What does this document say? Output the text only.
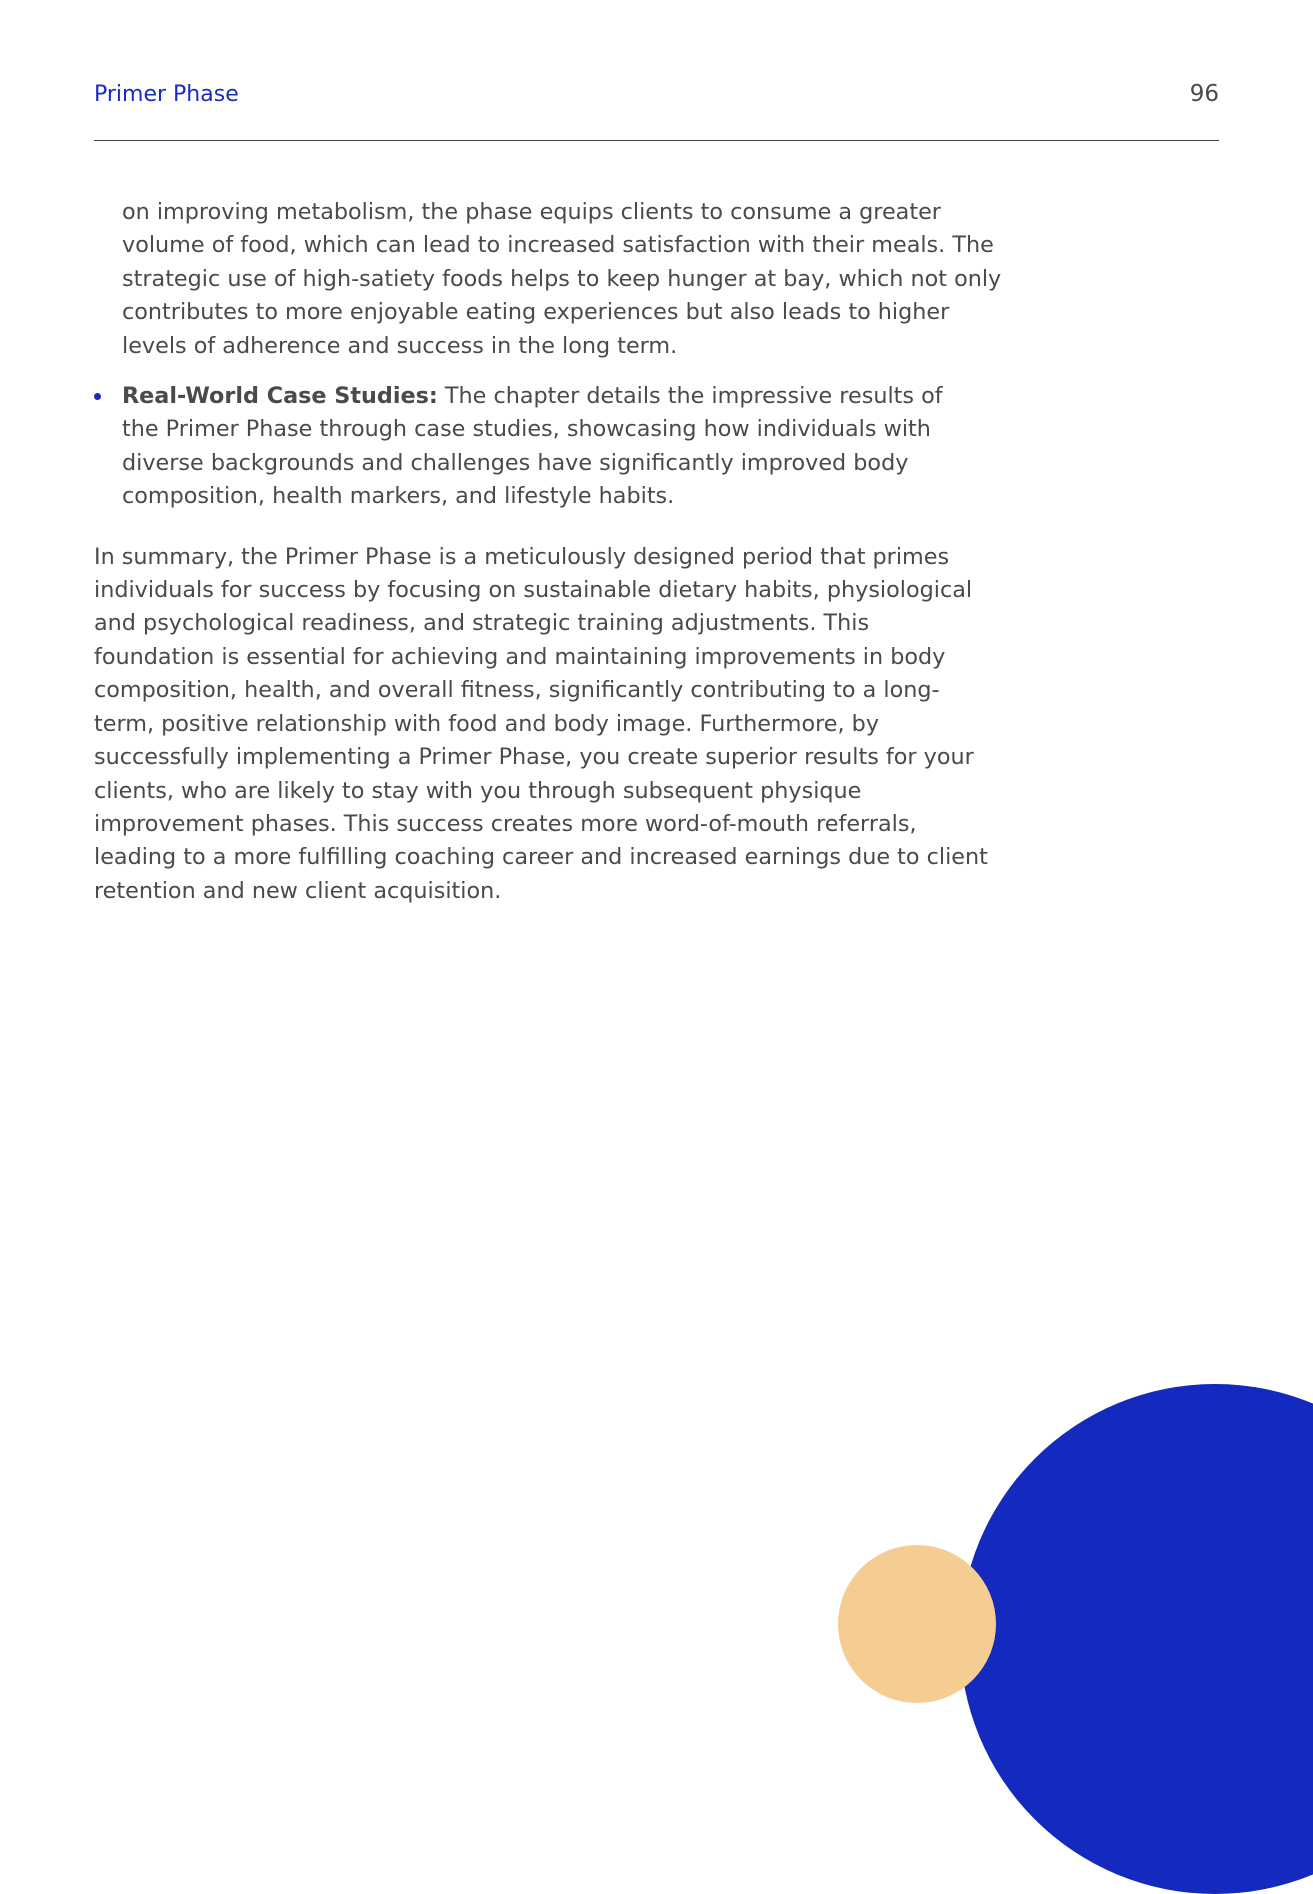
Primer Phase	96

on improving metabolism, the phase equips clients to consume a greater volume of food, which can lead to increased satisfaction with their meals. The strategic use of high-satiety foods helps to keep hunger at bay, which not only contributes to more enjoyable eating experiences but also leads to higher levels of adherence and success in the long term.

Real-World Case Studies: The chapter details the impressive results of the Primer Phase through case studies, showcasing how individuals with diverse backgrounds and challenges have significantly improved body composition, health markers, and lifestyle habits.

In summary, the Primer Phase is a meticulously designed period that primes individuals for success by focusing on sustainable dietary habits, physiological and psychological readiness, and strategic training adjustments. This foundation is essential for achieving and maintaining improvements in body composition, health, and overall fitness, significantly contributing to a long-term, positive relationship with food and body image. Furthermore, by successfully implementing a Primer Phase, you create superior results for your clients, who are likely to stay with you through subsequent physique improvement phases. This success creates more word-of-mouth referrals, leading to a more fulfilling coaching career and increased earnings due to client retention and new client acquisition.
